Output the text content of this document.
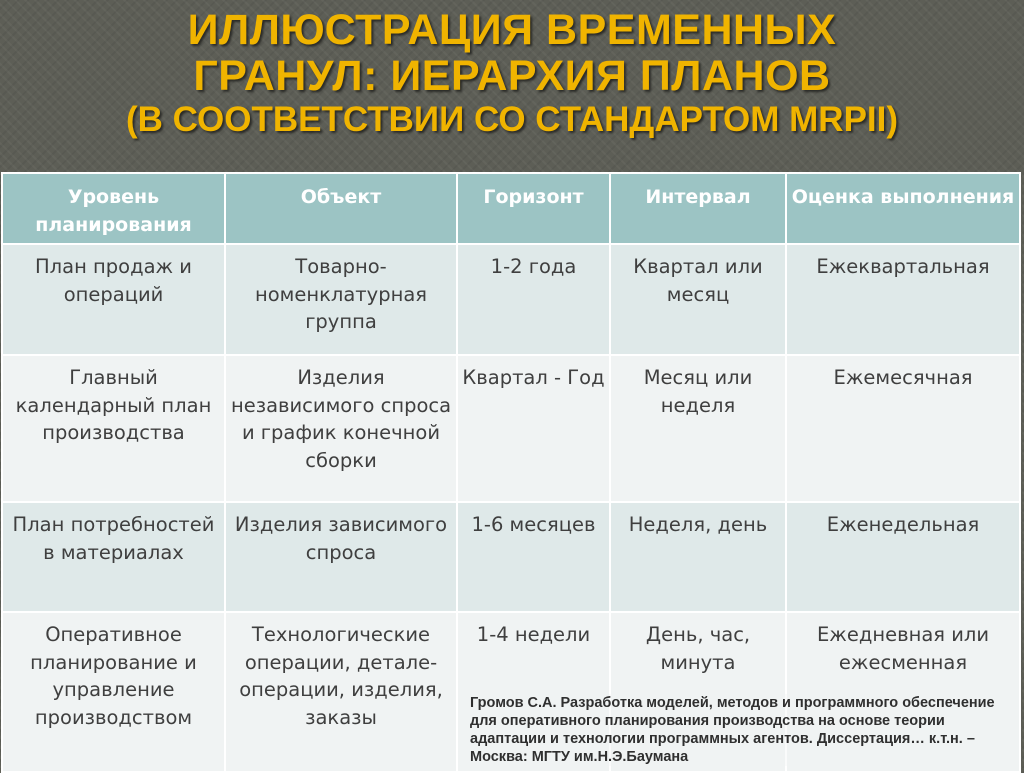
ИЛЛЮСТРАЦИЯ ВРЕМЕННЫХ
ГРАНУЛ: ИЕРАРХИЯ ПЛАНОВ
(В СООТВЕТСТВИИ СО СТАНДАРТОМ MRPII)
Уровень планирования	Объект	Горизонт	Интервал	Оценка выполнения
План продаж и операций	Товарно-номенклатурная группа	1-2 года	Квартал или месяц	Ежеквартальная
Главный календарный план производства	Изделия независимого спроса и график конечной сборки	Квартал - Год	Месяц или неделя	Ежемесячная
План потребностей в материалах	Изделия зависимого спроса	1-6 месяцев	Неделя, день	Еженедельная
Оперативное планирование и управление производством	Технологические операции, детале-операции, изделия, заказы	1-4 недели	День, час, минута	Ежедневная или ежесменная
Громов С.А. Разработка моделей, методов и программного обеспечение для оперативного планирования производства на основе теории адаптации и технологии программных агентов. Диссертация… к.т.н. – Москва: МГТУ им.Н.Э.Баумана
